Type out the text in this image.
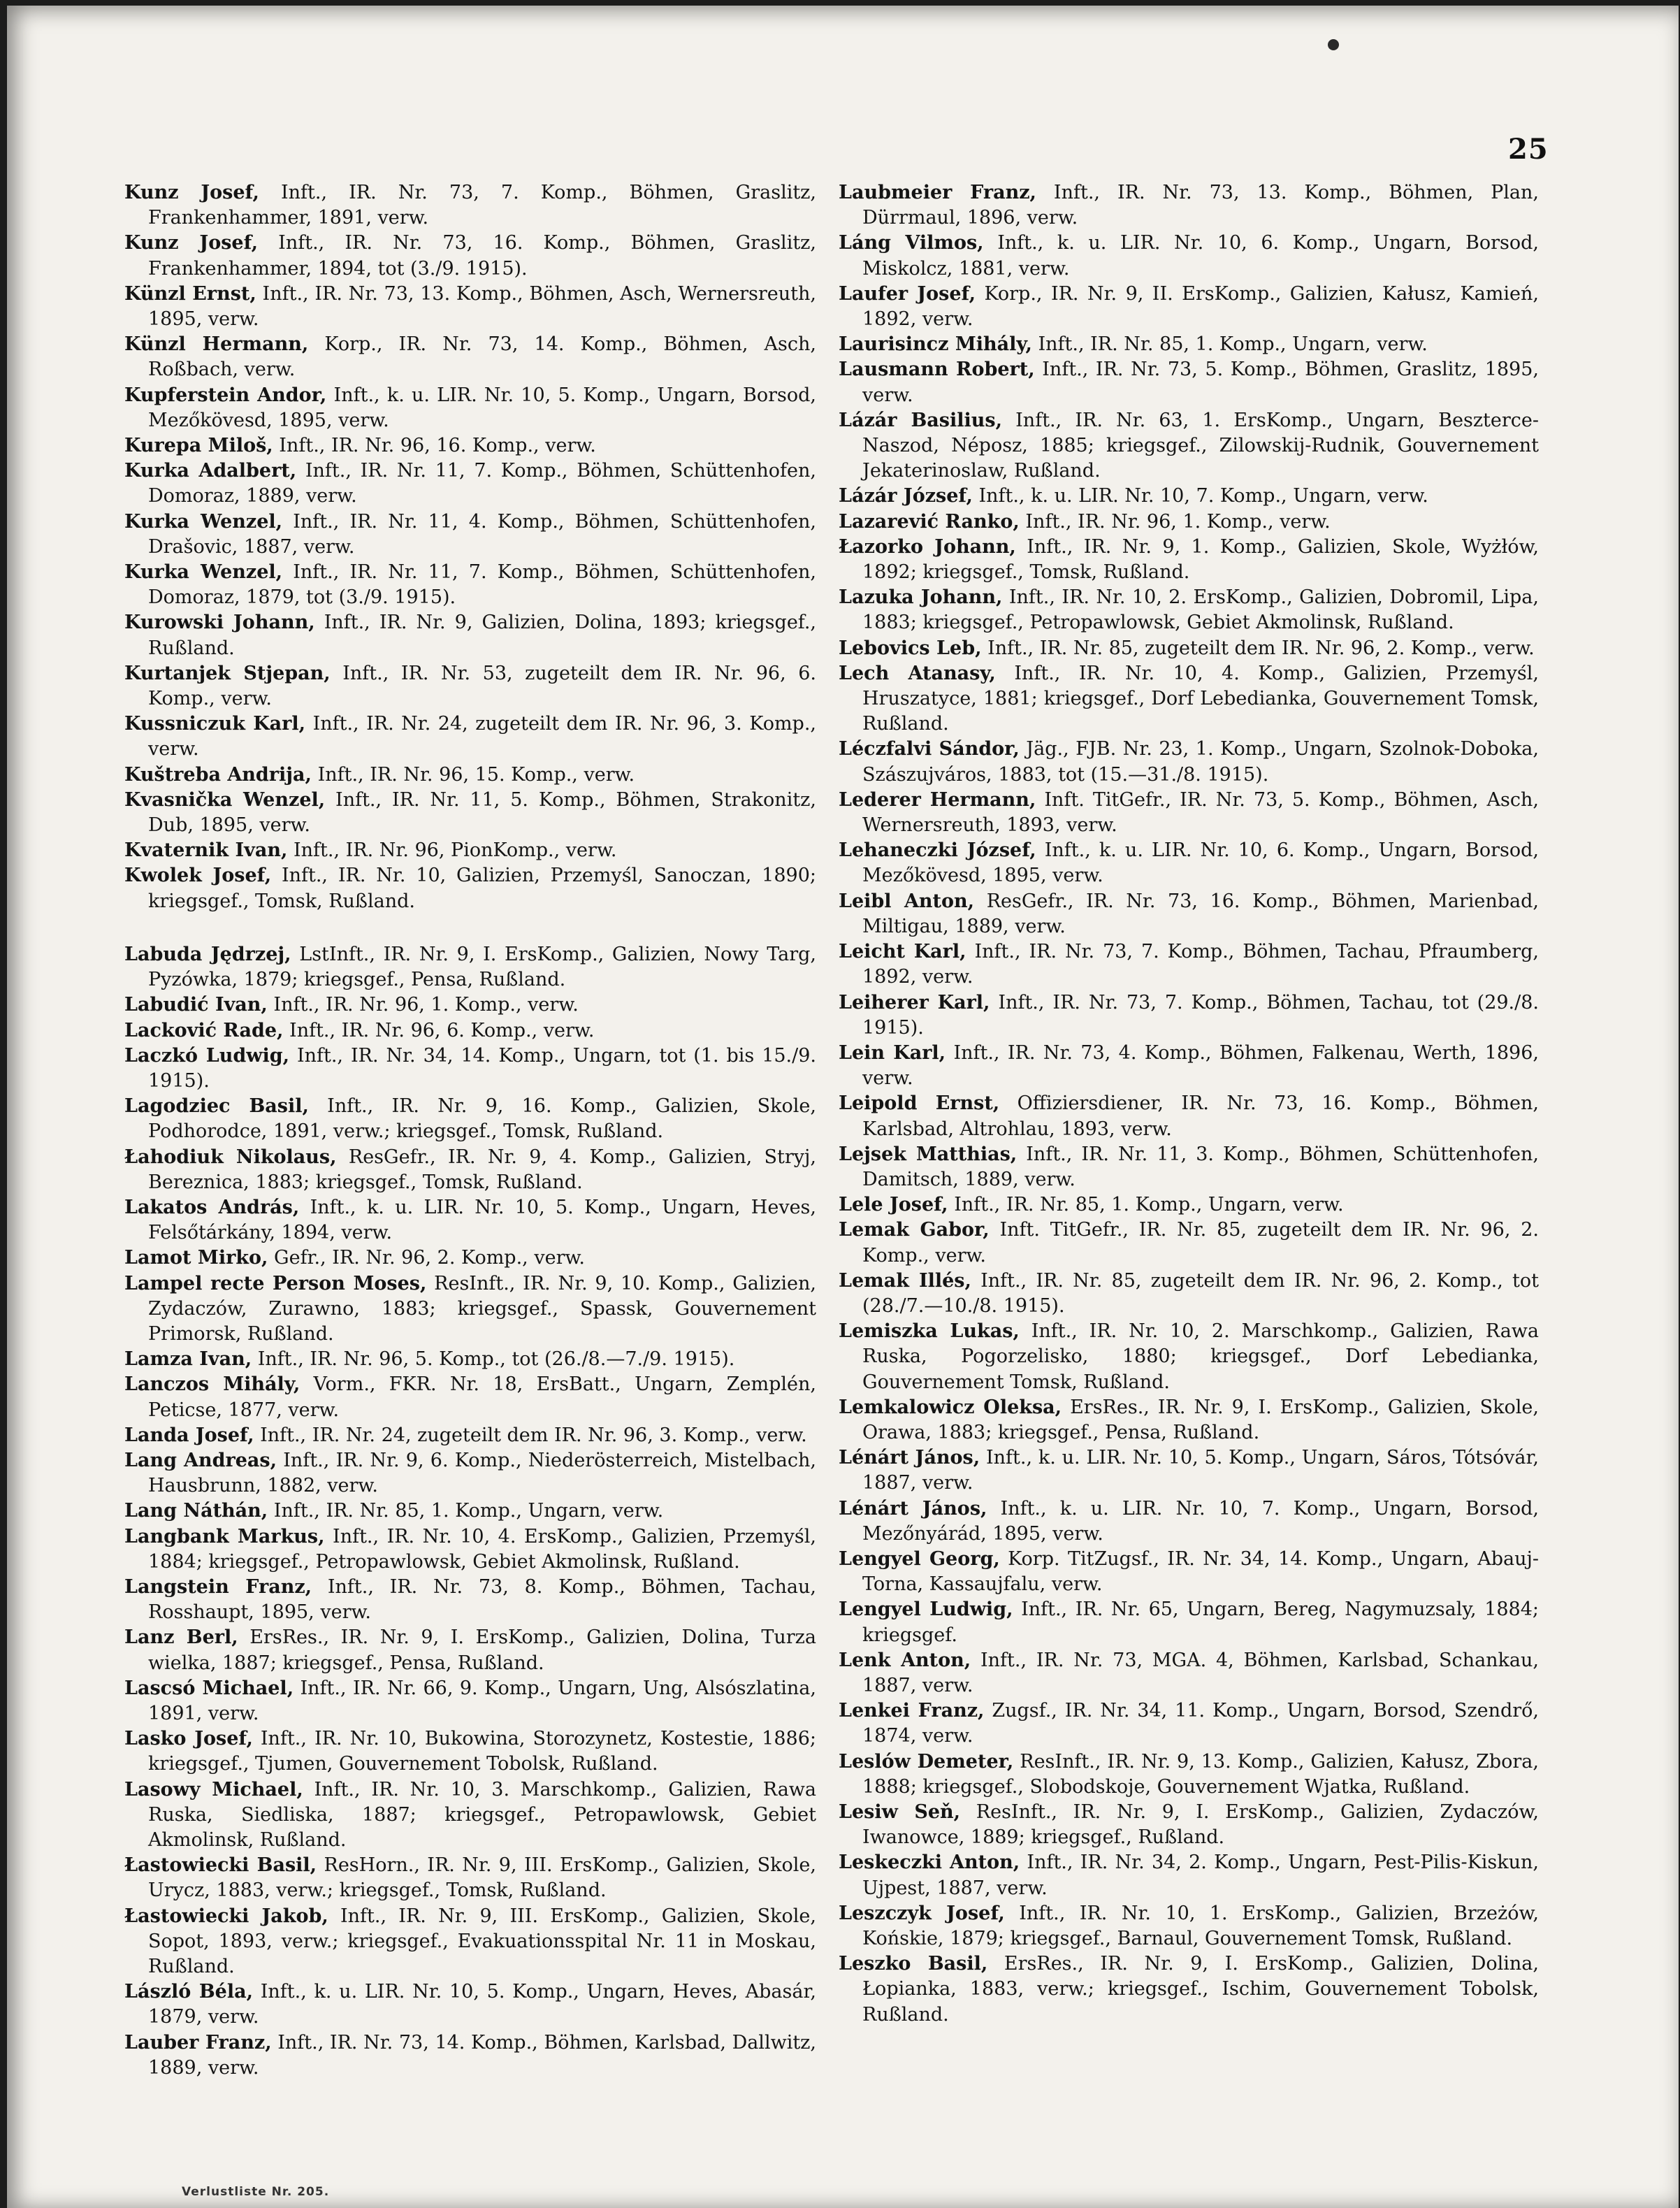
25

Kunz Josef, Inft., IR. Nr. 73, 7. Komp., Böhmen, Graslitz, Frankenhammer, 1891, verw.

Kunz Josef, Inft., IR. Nr. 73, 16. Komp., Böhmen, Graslitz, Frankenhammer, 1894, tot (3./9. 1915).

Künzl Ernst, Inft., IR. Nr. 73, 13. Komp., Böhmen, Asch, Wernersreuth, 1895, verw.

Künzl Hermann, Korp., IR. Nr. 73, 14. Komp., Böhmen, Asch, Roßbach, verw.

Kupferstein Andor, Inft., k. u. LIR. Nr. 10, 5. Komp., Ungarn, Borsod, Mezőkövesd, 1895, verw.

Kurepa Miloš, Inft., IR. Nr. 96, 16. Komp., verw.

Kurka Adalbert, Inft., IR. Nr. 11, 7. Komp., Böhmen, Schüttenhofen, Domoraz, 1889, verw.

Kurka Wenzel, Inft., IR. Nr. 11, 4. Komp., Böhmen, Schüttenhofen, Drašovic, 1887, verw.

Kurka Wenzel, Inft., IR. Nr. 11, 7. Komp., Böhmen, Schüttenhofen, Domoraz, 1879, tot (3./9. 1915).

Kurowski Johann, Inft., IR. Nr. 9, Galizien, Dolina, 1893; kriegsgef., Rußland.

Kurtanjek Stjepan, Inft., IR. Nr. 53, zugeteilt dem IR. Nr. 96, 6. Komp., verw.

Kussniczuk Karl, Inft., IR. Nr. 24, zugeteilt dem IR. Nr. 96, 3. Komp., verw.

Kuštreba Andrija, Inft., IR. Nr. 96, 15. Komp., verw.

Kvasnička Wenzel, Inft., IR. Nr. 11, 5. Komp., Böhmen, Strakonitz, Dub, 1895, verw.

Kvaternik Ivan, Inft., IR. Nr. 96, PionKomp., verw.

Kwolek Josef, Inft., IR. Nr. 10, Galizien, Przemyśl, Sanoczan, 1890; kriegsgef., Tomsk, Rußland.

Labuda Jędrzej, LstInft., IR. Nr. 9, I. ErsKomp., Galizien, Nowy Targ, Pyzówka, 1879; kriegsgef., Pensa, Rußland.

Labudić Ivan, Inft., IR. Nr. 96, 1. Komp., verw.

Lacković Rade, Inft., IR. Nr. 96, 6. Komp., verw.

Laczkó Ludwig, Inft., IR. Nr. 34, 14. Komp., Ungarn, tot (1. bis 15./9. 1915).

Lagodziec Basil, Inft., IR. Nr. 9, 16. Komp., Galizien, Skole, Podhorodce, 1891, verw.; kriegsgef., Tomsk, Rußland.

Łahodiuk Nikolaus, ResGefr., IR. Nr. 9, 4. Komp., Galizien, Stryj, Bereznica, 1883; kriegsgef., Tomsk, Rußland.

Lakatos András, Inft., k. u. LIR. Nr. 10, 5. Komp., Ungarn, Heves, Felsőtárkány, 1894, verw.

Lamot Mirko, Gefr., IR. Nr. 96, 2. Komp., verw.

Lampel recte Person Moses, ResInft., IR. Nr. 9, 10. Komp., Galizien, Zydaczów, Zurawno, 1883; kriegsgef., Spassk, Gouvernement Primorsk, Rußland.

Lamza Ivan, Inft., IR. Nr. 96, 5. Komp., tot (26./8.—7./9. 1915).

Lanczos Mihály, Vorm., FKR. Nr. 18, ErsBatt., Ungarn, Zemplén, Peticse, 1877, verw.

Landa Josef, Inft., IR. Nr. 24, zugeteilt dem IR. Nr. 96, 3. Komp., verw.

Lang Andreas, Inft., IR. Nr. 9, 6. Komp., Niederösterreich, Mistelbach, Hausbrunn, 1882, verw.

Lang Náthán, Inft., IR. Nr. 85, 1. Komp., Ungarn, verw.

Langbank Markus, Inft., IR. Nr. 10, 4. ErsKomp., Galizien, Przemyśl, 1884; kriegsgef., Petropawlowsk, Gebiet Akmolinsk, Rußland.

Langstein Franz, Inft., IR. Nr. 73, 8. Komp., Böhmen, Tachau, Rosshaupt, 1895, verw.

Lanz Berl, ErsRes., IR. Nr. 9, I. ErsKomp., Galizien, Dolina, Turza wielka, 1887; kriegsgef., Pensa, Rußland.

Lascsó Michael, Inft., IR. Nr. 66, 9. Komp., Ungarn, Ung, Alsószlatina, 1891, verw.

Lasko Josef, Inft., IR. Nr. 10, Bukowina, Storozynetz, Kostestie, 1886; kriegsgef., Tjumen, Gouvernement Tobolsk, Rußland.

Lasowy Michael, Inft., IR. Nr. 10, 3. Marschkomp., Galizien, Rawa Ruska, Siedliska, 1887; kriegsgef., Petropawlowsk, Gebiet Akmolinsk, Rußland.

Łastowiecki Basil, ResHorn., IR. Nr. 9, III. ErsKomp., Galizien, Skole, Urycz, 1883, verw.; kriegsgef., Tomsk, Rußland.

Łastowiecki Jakob, Inft., IR. Nr. 9, III. ErsKomp., Galizien, Skole, Sopot, 1893, verw.; kriegsgef., Evakuationsspital Nr. 11 in Moskau, Rußland.

László Béla, Inft., k. u. LIR. Nr. 10, 5. Komp., Ungarn, Heves, Abasár, 1879, verw.

Lauber Franz, Inft., IR. Nr. 73, 14. Komp., Böhmen, Karlsbad, Dallwitz, 1889, verw.

Laubmeier Franz, Inft., IR. Nr. 73, 13. Komp., Böhmen, Plan, Dürrmaul, 1896, verw.

Láng Vilmos, Inft., k. u. LIR. Nr. 10, 6. Komp., Ungarn, Borsod, Miskolcz, 1881, verw.

Laufer Josef, Korp., IR. Nr. 9, II. ErsKomp., Galizien, Kałusz, Kamień, 1892, verw.

Laurisincz Mihály, Inft., IR. Nr. 85, 1. Komp., Ungarn, verw.

Lausmann Robert, Inft., IR. Nr. 73, 5. Komp., Böhmen, Graslitz, 1895, verw.

Lázár Basilius, Inft., IR. Nr. 63, 1. ErsKomp., Ungarn, Beszterce-Naszod, Néposz, 1885; kriegsgef., Zilowskij-Rudnik, Gouvernement Jekaterinoslaw, Rußland.

Lázár József, Inft., k. u. LIR. Nr. 10, 7. Komp., Ungarn, verw.

Lazarević Ranko, Inft., IR. Nr. 96, 1. Komp., verw.

Łazorko Johann, Inft., IR. Nr. 9, 1. Komp., Galizien, Skole, Wyżłów, 1892; kriegsgef., Tomsk, Rußland.

Lazuka Johann, Inft., IR. Nr. 10, 2. ErsKomp., Galizien, Dobromil, Lipa, 1883; kriegsgef., Petropawlowsk, Gebiet Akmolinsk, Rußland.

Lebovics Leb, Inft., IR. Nr. 85, zugeteilt dem IR. Nr. 96, 2. Komp., verw.

Lech Atanasy, Inft., IR. Nr. 10, 4. Komp., Galizien, Przemyśl, Hruszatyce, 1881; kriegsgef., Dorf Lebedianka, Gouvernement Tomsk, Rußland.

Léczfalvi Sándor, Jäg., FJB. Nr. 23, 1. Komp., Ungarn, Szolnok-Doboka, Szászujváros, 1883, tot (15.—31./8. 1915).

Lederer Hermann, Inft. TitGefr., IR. Nr. 73, 5. Komp., Böhmen, Asch, Wernersreuth, 1893, verw.

Lehaneczki József, Inft., k. u. LIR. Nr. 10, 6. Komp., Ungarn, Borsod, Mezőkövesd, 1895, verw.

Leibl Anton, ResGefr., IR. Nr. 73, 16. Komp., Böhmen, Marienbad, Miltigau, 1889, verw.

Leicht Karl, Inft., IR. Nr. 73, 7. Komp., Böhmen, Tachau, Pfraumberg, 1892, verw.

Leiherer Karl, Inft., IR. Nr. 73, 7. Komp., Böhmen, Tachau, tot (29./8. 1915).

Lein Karl, Inft., IR. Nr. 73, 4. Komp., Böhmen, Falkenau, Werth, 1896, verw.

Leipold Ernst, Offiziersdiener, IR. Nr. 73, 16. Komp., Böhmen, Karlsbad, Altrohlau, 1893, verw.

Lejsek Matthias, Inft., IR. Nr. 11, 3. Komp., Böhmen, Schüttenhofen, Damitsch, 1889, verw.

Lele Josef, Inft., IR. Nr. 85, 1. Komp., Ungarn, verw.

Lemak Gabor, Inft. TitGefr., IR. Nr. 85, zugeteilt dem IR. Nr. 96, 2. Komp., verw.

Lemak Illés, Inft., IR. Nr. 85, zugeteilt dem IR. Nr. 96, 2. Komp., tot (28./7.—10./8. 1915).

Lemiszka Lukas, Inft., IR. Nr. 10, 2. Marschkomp., Galizien, Rawa Ruska, Pogorzelisko, 1880; kriegsgef., Dorf Lebedianka, Gouvernement Tomsk, Rußland.

Lemkalowicz Oleksa, ErsRes., IR. Nr. 9, I. ErsKomp., Galizien, Skole, Orawa, 1883; kriegsgef., Pensa, Rußland.

Lénárt János, Inft., k. u. LIR. Nr. 10, 5. Komp., Ungarn, Sáros, Tótsóvár, 1887, verw.

Lénárt János, Inft., k. u. LIR. Nr. 10, 7. Komp., Ungarn, Borsod, Mezőnyárád, 1895, verw.

Lengyel Georg, Korp. TitZugsf., IR. Nr. 34, 14. Komp., Ungarn, Abauj-Torna, Kassaujfalu, verw.

Lengyel Ludwig, Inft., IR. Nr. 65, Ungarn, Bereg, Nagymuzsaly, 1884; kriegsgef.

Lenk Anton, Inft., IR. Nr. 73, MGA. 4, Böhmen, Karlsbad, Schankau, 1887, verw.

Lenkei Franz, Zugsf., IR. Nr. 34, 11. Komp., Ungarn, Borsod, Szendrő, 1874, verw.

Leslów Demeter, ResInft., IR. Nr. 9, 13. Komp., Galizien, Kałusz, Zbora, 1888; kriegsgef., Slobodskoje, Gouvernement Wjatka, Rußland.

Lesiw Seň, ResInft., IR. Nr. 9, I. ErsKomp., Galizien, Zydaczów, Iwanowce, 1889; kriegsgef., Rußland.

Leskeczki Anton, Inft., IR. Nr. 34, 2. Komp., Ungarn, Pest-Pilis-Kiskun, Ujpest, 1887, verw.

Leszczyk Josef, Inft., IR. Nr. 10, 1. ErsKomp., Galizien, Brzeżów, Końskie, 1879; kriegsgef., Barnaul, Gouvernement Tomsk, Rußland.

Leszko Basil, ErsRes., IR. Nr. 9, I. ErsKomp., Galizien, Dolina, Łopianka, 1883, verw.; kriegsgef., Ischim, Gouvernement Tobolsk, Rußland.

Verlustliste Nr. 205.
